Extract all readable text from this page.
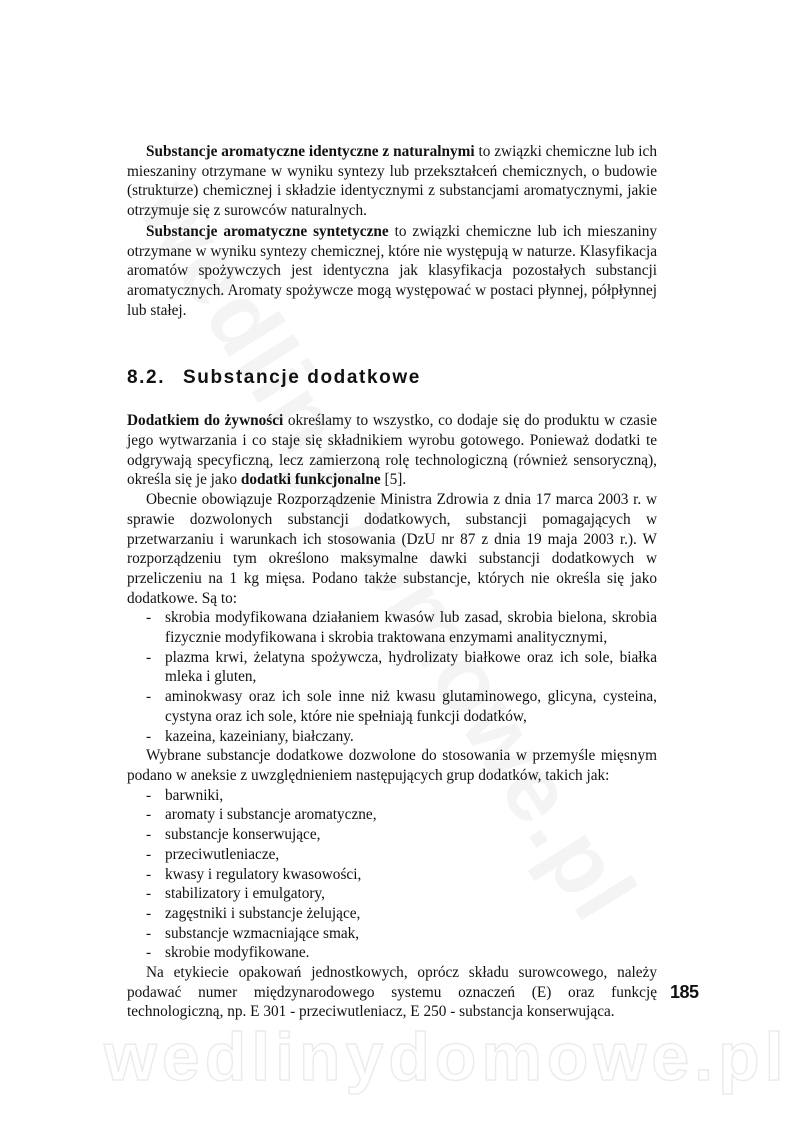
wedlinydomowe.pl

Substancje aromatyczne identyczne z naturalnymi to związki chemiczne lub ich mieszaniny otrzymane w wyniku syntezy lub przekształceń chemicznych, o budowie (strukturze) chemicznej i składzie identycznymi z substancjami aromatycznymi, jakie otrzymuje się z surowców naturalnych.

Substancje aromatyczne syntetyczne to związki chemiczne lub ich mieszaniny otrzymane w wyniku syntezy chemicznej, które nie występują w naturze. Klasyfikacja aromatów spożywczych jest identyczna jak klasyfikacja pozostałych substancji aromatycznych. Aromaty spożywcze mogą występować w postaci płynnej, półpłynnej lub stałej.

8.2. Substancje dodatkowe

Dodatkiem do żywności określamy to wszystko, co dodaje się do produktu w czasie jego wytwarzania i co staje się składnikiem wyrobu gotowego. Ponieważ dodatki te odgrywają specyficzną, lecz zamierzoną rolę technologiczną (również sensoryczną), określa się je jako dodatki funkcjonalne [5].

Obecnie obowiązuje Rozporządzenie Ministra Zdrowia z dnia 17 marca 2003 r. w sprawie dozwolonych substancji dodatkowych, substancji pomagających w przetwarzaniu i warunkach ich stosowania (DzU nr 87 z dnia 19 maja 2003 r.). W rozporządzeniu tym określono maksymalne dawki substancji dodatkowych w przeliczeniu na 1 kg mięsa. Podano także substancje, których nie określa się jako dodatkowe. Są to:

- skrobia modyfikowana działaniem kwasów lub zasad, skrobia bielona, skrobia fizycznie modyfikowana i skrobia traktowana enzymami analitycznymi,
- plazma krwi, żelatyna spożywcza, hydrolizaty białkowe oraz ich sole, białka mleka i gluten,
- aminokwasy oraz ich sole inne niż kwasu glutaminowego, glicyna, cysteina, cystyna oraz ich sole, które nie spełniają funkcji dodatków,
- kazeina, kazeiniany, białczany.

Wybrane substancje dodatkowe dozwolone do stosowania w przemyśle mięsnym podano w aneksie z uwzględnieniem następujących grup dodatków, takich jak:

- barwniki,
- aromaty i substancje aromatyczne,
- substancje konserwujące,
- przeciwutleniacze,
- kwasy i regulatory kwasowości,
- stabilizatory i emulgatory,
- zagęstniki i substancje żelujące,
- substancje wzmacniające smak,
- skrobie modyfikowane.

Na etykiecie opakowań jednostkowych, oprócz składu surowcowego, należy podawać numer międzynarodowego systemu oznaczeń (E) oraz funkcję technologiczną, np. E 301 - przeciwutleniacz, E 250 - substancja konserwująca.

185
